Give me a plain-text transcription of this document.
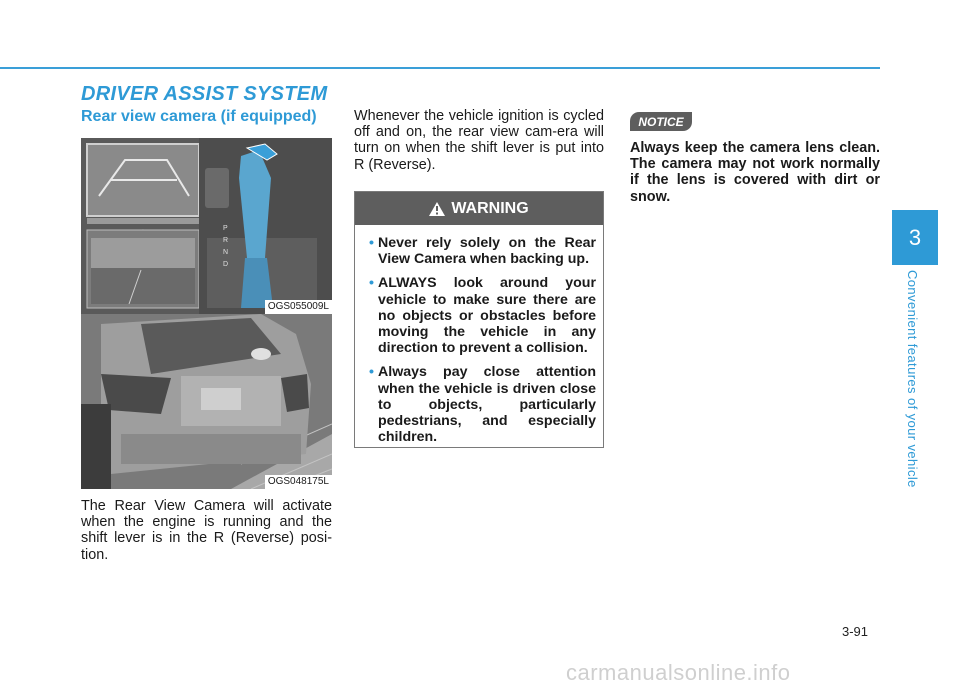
DRIVER ASSIST SYSTEM
Rear view camera (if equipped)
P
R
N
D
OGS055009L
OGS048175L

The Rear View Camera will activate when the engine is running and the shift lever is in the R (Reverse) posi-tion.

Whenever the vehicle ignition is cycled off and on, the rear view cam-era will turn on when the shift lever is put into R (Reverse).

WARNING
• Never rely solely on the Rear View Camera when backing up.
• ALWAYS look around your vehicle to make sure there are no objects or obstacles before moving the vehicle in any direction to prevent a collision.
• Always pay close attention when the vehicle is driven close to objects, particularly pedestrians, and especially children.
NOTICE

Always keep the camera lens clean. The camera may not work normally if the lens is covered with dirt or snow.

3
Convenient features of your vehicle
3-91
carmanualsonline.info
